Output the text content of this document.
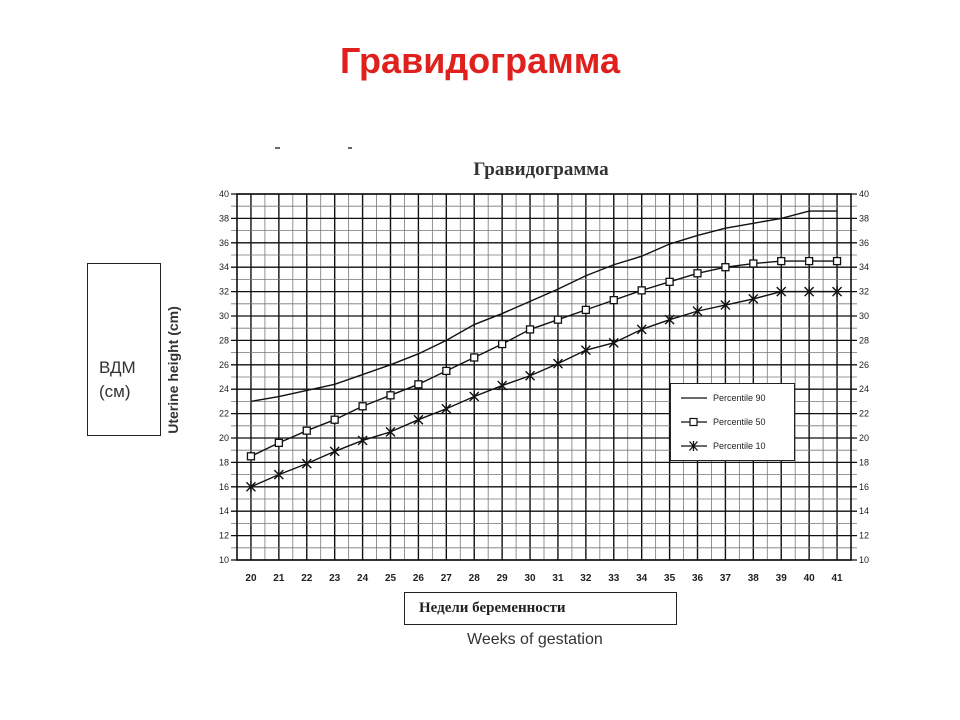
Гравидограмма
ВДМ
(см)
Гравидограмма
Uterine height (cm)
10	10
12	12
14	14
16	16
18	18
20	20
22	22
24	24
26	26
28	28
30	30
32	32
34	34
36	36
38	38
40	40
20 21 22 23 24 25 26 27 28 29 30 31 32 33 34 35 36 37 38 39 40 41
Percentile 90
Percentile 50
Percentile 10
Недели беременности
Weeks of gestation
